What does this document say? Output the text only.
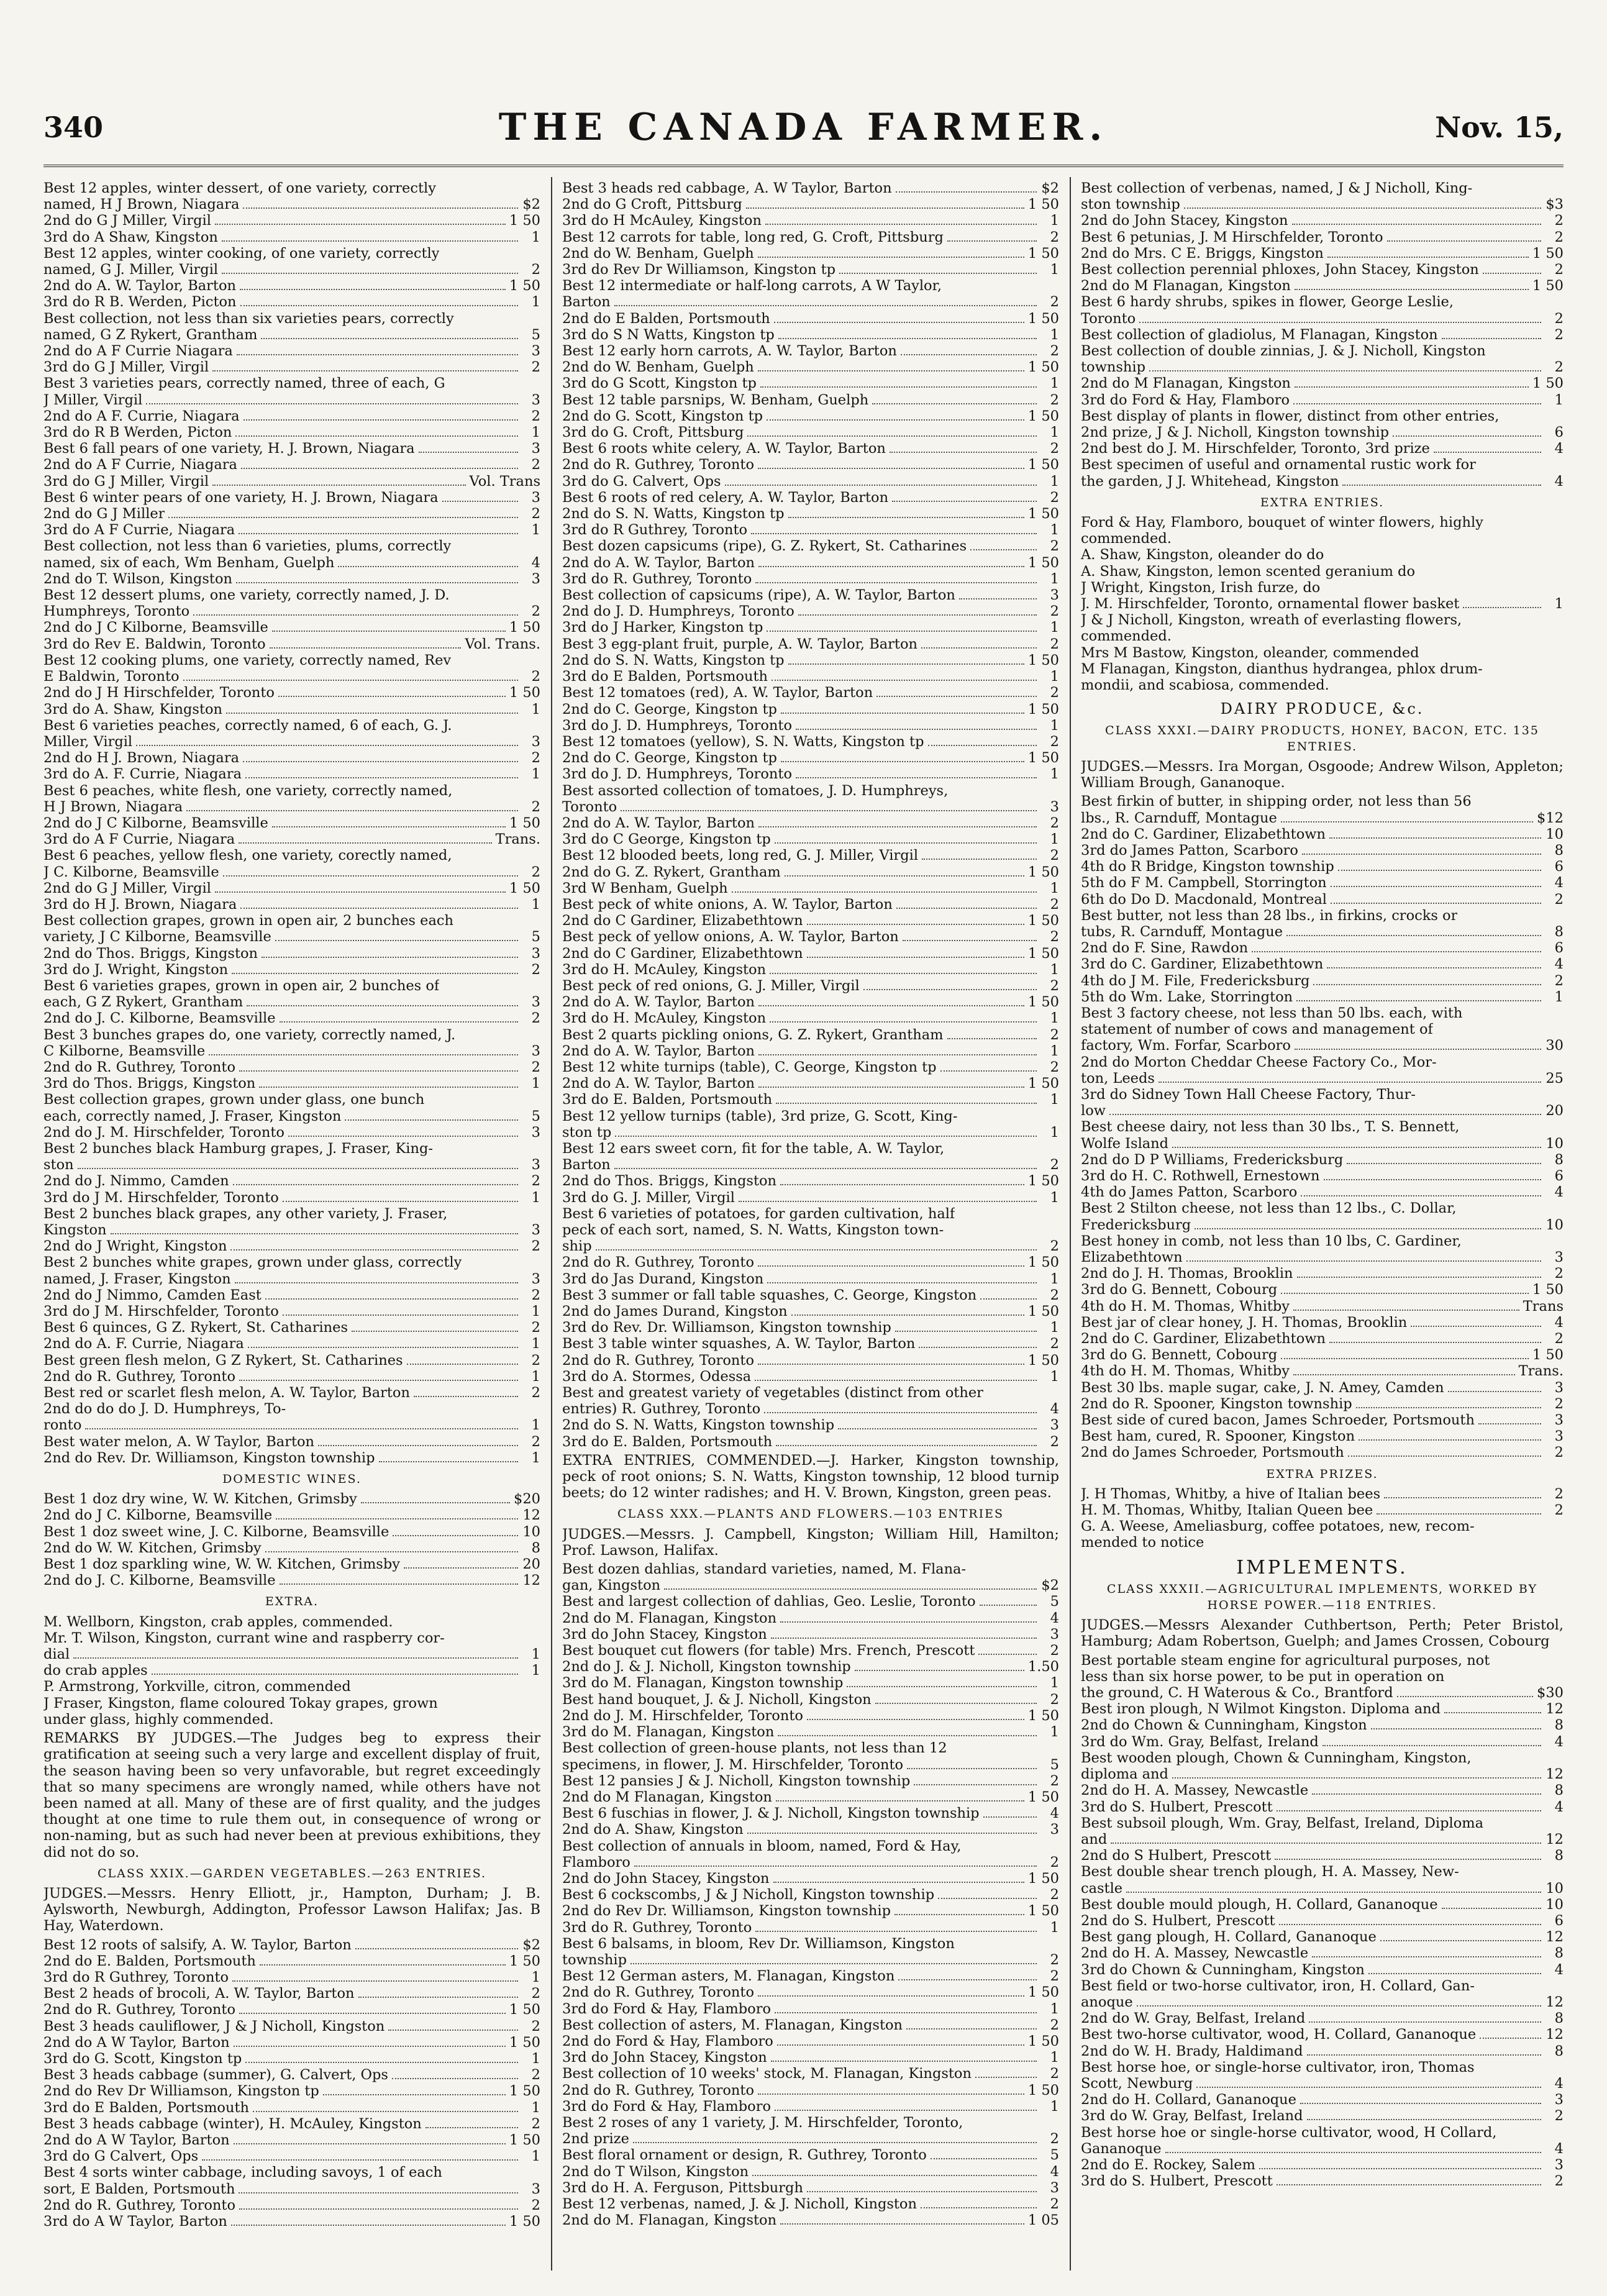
340	THE CANADA FARMER.	Nov. 15,
Best 12 apples, winter dessert, of one variety, correctly
named, H J Brown, Niagara	$2
2nd do G J Miller, Virgil	1 50
3rd do A Shaw, Kingston	1
Best 12 apples, winter cooking, of one variety, correctly
named, G J. Miller, Virgil	2
2nd do A. W. Taylor, Barton	1 50
3rd do R B. Werden, Picton	1
Best collection, not less than six varieties pears, correctly
named, G Z Rykert, Grantham	5
2nd do A F Currie Niagara	3
3rd do G J Miller, Virgil	2
Best 3 varieties pears, correctly named, three of each, G
J Miller, Virgil	3
2nd do A F. Currie, Niagara	2
3rd do R B Werden, Picton	1
Best 6 fall pears of one variety, H. J. Brown, Niagara	3
2nd do A F Currie, Niagara	2
3rd do G J Miller, Virgil	Vol. Trans
Best 6 winter pears of one variety, H. J. Brown, Niagara	3
2nd do G J Miller	2
3rd do A F Currie, Niagara	1
Best collection, not less than 6 varieties, plums, correctly
named, six of each, Wm Benham, Guelph	4
2nd do T. Wilson, Kingston	3
Best 12 dessert plums, one variety, correctly named, J. D.
Humphreys, Toronto	2
2nd do J C Kilborne, Beamsville	1 50
3rd do Rev E. Baldwin, Toronto	Vol. Trans.
Best 12 cooking plums, one variety, correctly named, Rev
E Baldwin, Toronto	2
2nd do J H Hirschfelder, Toronto	1 50
3rd do A. Shaw, Kingston	1
Best 6 varieties peaches, correctly named, 6 of each, G. J.
Miller, Virgil	3
2nd do H J. Brown, Niagara	2
3rd do A. F. Currie, Niagara	1
Best 6 peaches, white flesh, one variety, correctly named,
H J Brown, Niagara	2
2nd do J C Kilborne, Beamsville	1 50
3rd do A F Currie, Niagara	Trans.
Best 6 peaches, yellow flesh, one variety, corectly named,
J C. Kilborne, Beamsville	2
2nd do G J Miller, Virgil	1 50
3rd do H J. Brown, Niagara	1
Best collection grapes, grown in open air, 2 bunches each
variety, J C Kilborne, Beamsville	5
2nd do Thos. Briggs, Kingston	3
3rd do J. Wright, Kingston	2
Best 6 varieties grapes, grown in open air, 2 bunches of
each, G Z Rykert, Grantham	3
2nd do J. C. Kilborne, Beamsville	2
Best 3 bunches grapes do, one variety, correctly named, J.
C Kilborne, Beamsville	3
2nd do R. Guthrey, Toronto	2
3rd do Thos. Briggs, Kingston	1
Best collection grapes, grown under glass, one bunch
each, correctly named, J. Fraser, Kingston	5
2nd do J. M. Hirschfelder, Toronto	3
Best 2 bunches black Hamburg grapes, J. Fraser, King-
ston	3
2nd do J. Nimmo, Camden	2
3rd do J M. Hirschfelder, Toronto	1
Best 2 bunches black grapes, any other variety, J. Fraser,
Kingston	3
2nd do J Wright, Kingston	2
Best 2 bunches white grapes, grown under glass, correctly
named, J. Fraser, Kingston	3
2nd do J Nimmo, Camden East	2
3rd do J M. Hirschfelder, Toronto	1
Best 6 quinces, G Z. Rykert, St. Catharines	2
2nd do A. F. Currie, Niagara	1
Best green flesh melon, G Z Rykert, St. Catharines	2
2nd do R. Guthrey, Toronto	1
Best red or scarlet flesh melon, A. W. Taylor, Barton	2
2nd do do do J. D. Humphreys, To-
ronto	1
Best water melon, A. W Taylor, Barton	2
2nd do Rev. Dr. Williamson, Kingston township	1
DOMESTIC WINES.
Best 1 doz dry wine, W. W. Kitchen, Grimsby	$20
2nd do J C. Kilborne, Beamsville	12
Best 1 doz sweet wine, J. C. Kilborne, Beamsville	10
2nd do W. W. Kitchen, Grimsby	8
Best 1 doz sparkling wine, W. W. Kitchen, Grimsby	20
2nd do J. C. Kilborne, Beamsville	12
EXTRA.
M. Wellborn, Kingston, crab apples, commended.
Mr. T. Wilson, Kingston, currant wine and raspberry cor-
dial	1
do crab apples	1
P. Armstrong, Yorkville, citron, commended
J Fraser, Kingston, flame coloured Tokay grapes, grown
under glass, highly commended.
REMARKS BY JUDGES.—The Judges beg to express their gratification at seeing such a very large and excellent display of fruit, the season having been so very unfavorable, but regret exceedingly that so many specimens are wrongly named, while others have not been named at all. Many of these are of first quality, and the judges thought at one time to rule them out, in consequence of wrong or non-naming, but as such had never been at previous exhibitions, they did not do so.
CLASS XXIX.—GARDEN VEGETABLES.—263 ENTRIES.
JUDGES.—Messrs. Henry Elliott, jr., Hampton, Durham; J. B. Aylsworth, Newburgh, Addington, Professor Lawson Halifax; Jas. B Hay, Waterdown.
Best 12 roots of salsify, A. W. Taylor, Barton	$2
2nd do E. Balden, Portsmouth	1 50
3rd do R Guthrey, Toronto	1
Best 2 heads of brocoli, A. W. Taylor, Barton	2
2nd do R. Guthrey, Toronto	1 50
Best 3 heads cauliflower, J & J Nicholl, Kingston	2
2nd do A W Taylor, Barton	1 50
3rd do G. Scott, Kingston tp	1
Best 3 heads cabbage (summer), G. Calvert, Ops	2
2nd do Rev Dr Williamson, Kingston tp	1 50
3rd do E Balden, Portsmouth	1
Best 3 heads cabbage (winter), H. McAuley, Kingston	2
2nd do A W Taylor, Barton	1 50
3rd do G Calvert, Ops	1
Best 4 sorts winter cabbage, including savoys, 1 of each
sort, E Balden, Portsmouth	3
2nd do R. Guthrey, Toronto	2
3rd do A W Taylor, Barton	1 50
Best 3 heads red cabbage, A. W Taylor, Barton	$2
2nd do G Croft, Pittsburg	1 50
3rd do H McAuley, Kingston	1
Best 12 carrots for table, long red, G. Croft, Pittsburg	2
2nd do W. Benham, Guelph	1 50
3rd do Rev Dr Williamson, Kingston tp	1
Best 12 intermediate or half-long carrots, A W Taylor,
Barton	2
2nd do E Balden, Portsmouth	1 50
3rd do S N Watts, Kingston tp	1
Best 12 early horn carrots, A. W. Taylor, Barton	2
2nd do W. Benham, Guelph	1 50
3rd do G Scott, Kingston tp	1
Best 12 table parsnips, W. Benham, Guelph	2
2nd do G. Scott, Kingston tp	1 50
3rd do G. Croft, Pittsburg	1
Best 6 roots white celery, A. W. Taylor, Barton	2
2nd do R. Guthrey, Toronto	1 50
3rd do G. Calvert, Ops	1
Best 6 roots of red celery, A. W. Taylor, Barton	2
2nd do S. N. Watts, Kingston tp	1 50
3rd do R Guthrey, Toronto	1
Best dozen capsicums (ripe), G. Z. Rykert, St. Catharines	2
2nd do A. W. Taylor, Barton	1 50
3rd do R. Guthrey, Toronto	1
Best collection of capsicums (ripe), A. W. Taylor, Barton	3
2nd do J. D. Humphreys, Toronto	2
3rd do J Harker, Kingston tp	1
Best 3 egg-plant fruit, purple, A. W. Taylor, Barton	2
2nd do S. N. Watts, Kingston tp	1 50
3rd do E Balden, Portsmouth	1
Best 12 tomatoes (red), A. W. Taylor, Barton	2
2nd do C. George, Kingston tp	1 50
3rd do J. D. Humphreys, Toronto	1
Best 12 tomatoes (yellow), S. N. Watts, Kingston tp	2
2nd do C. George, Kingston tp	1 50
3rd do J. D. Humphreys, Toronto	1
Best assorted collection of tomatoes, J. D. Humphreys,
Toronto	3
2nd do A. W. Taylor, Barton	2
3rd do C George, Kingston tp	1
Best 12 blooded beets, long red, G. J. Miller, Virgil	2
2nd do G. Z. Rykert, Grantham	1 50
3rd W Benham, Guelph	1
Best peck of white onions, A. W. Taylor, Barton	2
2nd do C Gardiner, Elizabethtown	1 50
Best peck of yellow onions, A. W. Taylor, Barton	2
2nd do C Gardiner, Elizabethtown	1 50
3rd do H. McAuley, Kingston	1
Best peck of red onions, G. J. Miller, Virgil	2
2nd do A. W. Taylor, Barton	1 50
3rd do H. McAuley, Kingston	1
Best 2 quarts pickling onions, G. Z. Rykert, Grantham	2
2nd do A. W. Taylor, Barton	1
Best 12 white turnips (table), C. George, Kingston tp	2
2nd do A. W. Taylor, Barton	1 50
3rd do E. Balden, Portsmouth	1
Best 12 yellow turnips (table), 3rd prize, G. Scott, King-
ston tp	1
Best 12 ears sweet corn, fit for the table, A. W. Taylor,
Barton	2
2nd do Thos. Briggs, Kingston	1 50
3rd do G. J. Miller, Virgil	1
Best 6 varieties of potatoes, for garden cultivation, half
peck of each sort, named, S. N. Watts, Kingston town-
ship	2
2nd do R. Guthrey, Toronto	1 50
3rd do Jas Durand, Kingston	1
Best 3 summer or fall table squashes, C. George, Kingston	2
2nd do James Durand, Kingston	1 50
3rd do Rev. Dr. Williamson, Kingston township	1
Best 3 table winter squashes, A. W. Taylor, Barton	2
2nd do R. Guthrey, Toronto	1 50
3rd do A. Stormes, Odessa	1
Best and greatest variety of vegetables (distinct from other
entries) R. Guthrey, Toronto	4
2nd do S. N. Watts, Kingston township	3
3rd do E. Balden, Portsmouth	2
EXTRA ENTRIES, COMMENDED.—J. Harker, Kingston township, peck of root onions; S. N. Watts, Kingston township, 12 blood turnip beets; do 12 winter radishes; and H. V. Brown, Kingston, green peas.
CLASS XXX.—PLANTS AND FLOWERS.—103 ENTRIES
JUDGES.—Messrs. J. Campbell, Kingston; William Hill, Hamilton; Prof. Lawson, Halifax.
Best dozen dahlias, standard varieties, named, M. Flana-
gan, Kingston	$2
Best and largest collection of dahlias, Geo. Leslie, Toronto	5
2nd do M. Flanagan, Kingston	4
3rd do John Stacey, Kingston	3
Best bouquet cut flowers (for table) Mrs. French, Prescott	2
2nd do J. & J. Nicholl, Kingston township	1.50
3rd do M. Flanagan, Kingston township	1
Best hand bouquet, J. & J. Nicholl, Kingston	2
2nd do J. M. Hirschfelder, Toronto	1 50
3rd do M. Flanagan, Kingston	1
Best collection of green-house plants, not less than 12
specimens, in flower, J. M. Hirschfelder, Toronto	5
Best 12 pansies J & J. Nicholl, Kingston township	2
2nd do M Flanagan, Kingston	1 50
Best 6 fuschias in flower, J. & J. Nicholl, Kingston township	4
2nd do A. Shaw, Kingston	3
Best collection of annuals in bloom, named, Ford & Hay,
Flamboro	2
2nd do John Stacey, Kingston	1 50
Best 6 cockscombs, J & J Nicholl, Kingston township	2
2nd do Rev Dr. Williamson, Kingston township	1 50
3rd do R. Guthrey, Toronto	1
Best 6 balsams, in bloom, Rev Dr. Williamson, Kingston
township	2
Best 12 German asters, M. Flanagan, Kingston	2
2nd do R. Guthrey, Toronto	1 50
3rd do Ford & Hay, Flamboro	1
Best collection of asters, M. Flanagan, Kingston	2
2nd do Ford & Hay, Flamboro	1 50
3rd do John Stacey, Kingston	1
Best collection of 10 weeks' stock, M. Flanagan, Kingston	2
2nd do R. Guthrey, Toronto	1 50
3rd do Ford & Hay, Flamboro	1
Best 2 roses of any 1 variety, J. M. Hirschfelder, Toronto,
2nd prize	2
Best floral ornament or design, R. Guthrey, Toronto	5
2nd do T Wilson, Kingston	4
3rd do H. A. Ferguson, Pittsburgh	3
Best 12 verbenas, named, J. & J. Nicholl, Kingston	2
2nd do M. Flanagan, Kingston	1 05
Best collection of verbenas, named, J & J Nicholl, King-
ston township	$3
2nd do John Stacey, Kingston	2
Best 6 petunias, J. M Hirschfelder, Toronto	2
2nd do Mrs. C E. Briggs, Kingston	1 50
Best collection perennial phloxes, John Stacey, Kingston	2
2nd do M Flanagan, Kingston	1 50
Best 6 hardy shrubs, spikes in flower, George Leslie,
Toronto	2
Best collection of gladiolus, M Flanagan, Kingston	2
Best collection of double zinnias, J. & J. Nicholl, Kingston
township	2
2nd do M Flanagan, Kingston	1 50
3rd do Ford & Hay, Flamboro	1
Best display of plants in flower, distinct from other entries,
2nd prize, J & J. Nicholl, Kingston township	6
2nd best do J. M. Hirschfelder, Toronto, 3rd prize	4
Best specimen of useful and ornamental rustic work for
the garden, J J. Whitehead, Kingston	4
EXTRA ENTRIES.
Ford & Hay, Flamboro, bouquet of winter flowers, highly
commended.
A. Shaw, Kingston, oleander do do
A. Shaw, Kingston, lemon scented geranium do
J Wright, Kingston, Irish furze, do
J. M. Hirschfelder, Toronto, ornamental flower basket	1
J & J Nicholl, Kingston, wreath of everlasting flowers,
commended.
Mrs M Bastow, Kingston, oleander, commended
M Flanagan, Kingston, dianthus hydrangea, phlox drum-
mondii, and scabiosa, commended.
DAIRY PRODUCE, &c.
CLASS XXXI.—DAIRY PRODUCTS, HONEY, BACON, ETC. 135 ENTRIES.
JUDGES.—Messrs. Ira Morgan, Osgoode; Andrew Wilson, Appleton; William Brough, Gananoque.
Best firkin of butter, in shipping order, not less than 56
lbs., R. Carnduff, Montague	$12
2nd do C. Gardiner, Elizabethtown	10
3rd do James Patton, Scarboro	8
4th do R Bridge, Kingston township	6
5th do F M. Campbell, Storrington	4
6th do Do D. Macdonald, Montreal	2
Best butter, not less than 28 lbs., in firkins, crocks or
tubs, R. Carnduff, Montague	8
2nd do F. Sine, Rawdon	6
3rd do C. Gardiner, Elizabethtown	4
4th do J M. File, Fredericksburg	2
5th do Wm. Lake, Storrington	1
Best 3 factory cheese, not less than 50 lbs. each, with
statement of number of cows and management of
factory, Wm. Forfar, Scarboro	30
2nd do Morton Cheddar Cheese Factory Co., Mor-
ton, Leeds	25
3rd do Sidney Town Hall Cheese Factory, Thur-
low	20
Best cheese dairy, not less than 30 lbs., T. S. Bennett,
Wolfe Island	10
2nd do D P Williams, Fredericksburg	8
3rd do H. C. Rothwell, Ernestown	6
4th do James Patton, Scarboro	4
Best 2 Stilton cheese, not less than 12 lbs., C. Dollar,
Fredericksburg	10
Best honey in comb, not less than 10 lbs, C. Gardiner,
Elizabethtown	3
2nd do J. H. Thomas, Brooklin	2
3rd do G. Bennett, Cobourg	1 50
4th do H. M. Thomas, Whitby	Trans
Best jar of clear honey, J. H. Thomas, Brooklin	4
2nd do C. Gardiner, Elizabethtown	2
3rd do G. Bennett, Cobourg	1 50
4th do H. M. Thomas, Whitby	Trans.
Best 30 lbs. maple sugar, cake, J. N. Amey, Camden	3
2nd do R. Spooner, Kingston township	2
Best side of cured bacon, James Schroeder, Portsmouth	3
Best ham, cured, R. Spooner, Kingston	3
2nd do James Schroeder, Portsmouth	2
EXTRA PRIZES.
J. H Thomas, Whitby, a hive of Italian bees	2
H. M. Thomas, Whitby, Italian Queen bee	2
G. A. Weese, Ameliasburg, coffee potatoes, new, recom-
mended to notice
IMPLEMENTS.
CLASS XXXII.—AGRICULTURAL IMPLEMENTS, WORKED BY HORSE POWER.—118 ENTRIES.
JUDGES.—Messrs Alexander Cuthbertson, Perth; Peter Bristol, Hamburg; Adam Robertson, Guelph; and James Crossen, Cobourg
Best portable steam engine for agricultural purposes, not
less than six horse power, to be put in operation on
the ground, C. H Waterous & Co., Brantford	$30
Best iron plough, N Wilmot Kingston. Diploma and	12
2nd do Chown & Cunningham, Kingston	8
3rd do Wm. Gray, Belfast, Ireland	4
Best wooden plough, Chown & Cunningham, Kingston,
diploma and	12
2nd do H. A. Massey, Newcastle	8
3rd do S. Hulbert, Prescott	4
Best subsoil plough, Wm. Gray, Belfast, Ireland, Diploma
and	12
2nd do S Hulbert, Prescott	8
Best double shear trench plough, H. A. Massey, New-
castle	10
Best double mould plough, H. Collard, Gananoque	10
2nd do S. Hulbert, Prescott	6
Best gang plough, H. Collard, Gananoque	12
2nd do H. A. Massey, Newcastle	8
3rd do Chown & Cunningham, Kingston	4
Best field or two-horse cultivator, iron, H. Collard, Gan-
anoque	12
2nd do W. Gray, Belfast, Ireland	8
Best two-horse cultivator, wood, H. Collard, Gananoque	12
2nd do W. H. Brady, Haldimand	8
Best horse hoe, or single-horse cultivator, iron, Thomas
Scott, Newburg	4
2nd do H. Collard, Gananoque	3
3rd do W. Gray, Belfast, Ireland	2
Best horse hoe or single-horse cultivator, wood, H Collard,
Gananoque	4
2nd do E. Rockey, Salem	3
3rd do S. Hulbert, Prescott	2
